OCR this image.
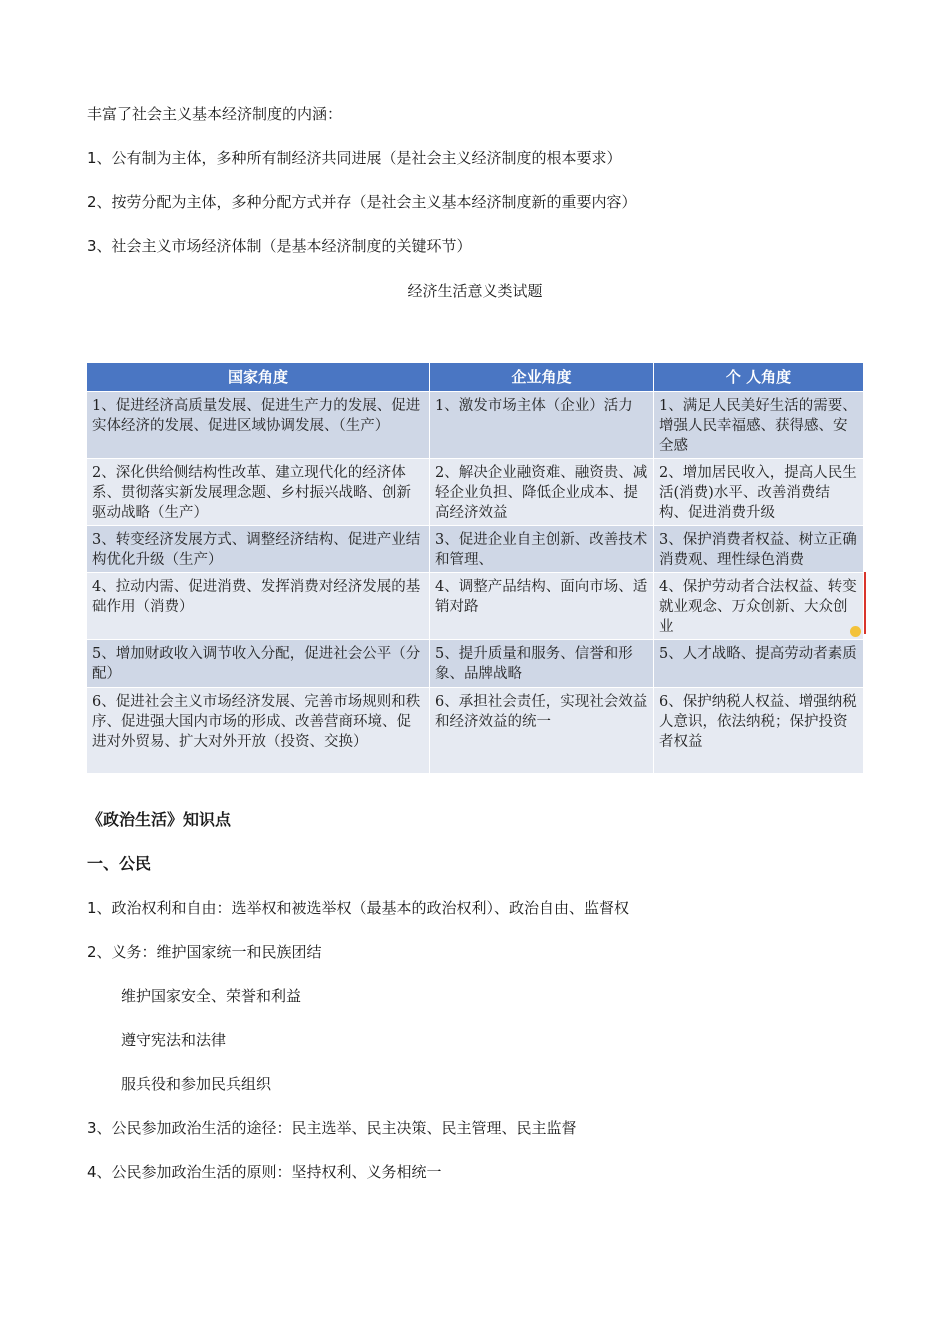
丰富了社会主义基本经济制度的内涵：
1、公有制为主体，多种所有制经济共同进展（是社会主义经济制度的根本要求）
2、按劳分配为主体，多种分配方式并存（是社会主义基本经济制度新的重要内容）
3、社会主义市场经济体制（是基本经济制度的关键环节）
经济生活意义类试题
国家角度	企业角度	个 人角度
1、促进经济高质量发展、促进生产力的发展、促进实体经济的发展、促进区域协调发展、（生产）	1、激发市场主体（企业）活力	1、满足人民美好生活的需要、增强人民幸福感、获得感、安全感
2、深化供给侧结构性改革、建立现代化的经济体系、贯彻落实新发展理念题、乡村振兴战略、创新驱动战略（生产）	2、解决企业融资难、融资贵、减轻企业负担、降低企业成本、提高经济效益	2、增加居民收入，提高人民生活(消费)水平、改善消费结构、促进消费升级
3、转变经济发展方式、调整经济结构、促进产业结构优化升级（生产）	3、促进企业自主创新、改善技术和管理、	3、保护消费者权益、树立正确消费观、理性绿色消费
4、拉动内需、促进消费、发挥消费对经济发展的基础作用（消费）	4、调整产品结构、面向市场、适销对路	4、保护劳动者合法权益、转变就业观念、万众创新、大众创业
5、增加财政收入调节收入分配，促进社会公平（分配）	5、提升质量和服务、信誉和形象、品牌战略	5、人才战略、提高劳动者素质
6、促进社会主义市场经济发展、完善市场规则和秩序、促进强大国内市场的形成、改善营商环境、促进对外贸易、扩大对外开放（投资、交换）	6、承担社会责任，实现社会效益和经济效益的统一	6、保护纳税人权益、增强纳税人意识，依法纳税；保护投资者权益
《政治生活》知识点
一、公民
1、政治权利和自由：选举权和被选举权（最基本的政治权利）、政治自由、监督权
2、义务：维护国家统一和民族团结
维护国家安全、荣誉和利益
遵守宪法和法律
服兵役和参加民兵组织
3、公民参加政治生活的途径：民主选举、民主决策、民主管理、民主监督
4、公民参加政治生活的原则：坚持权利、义务相统一
